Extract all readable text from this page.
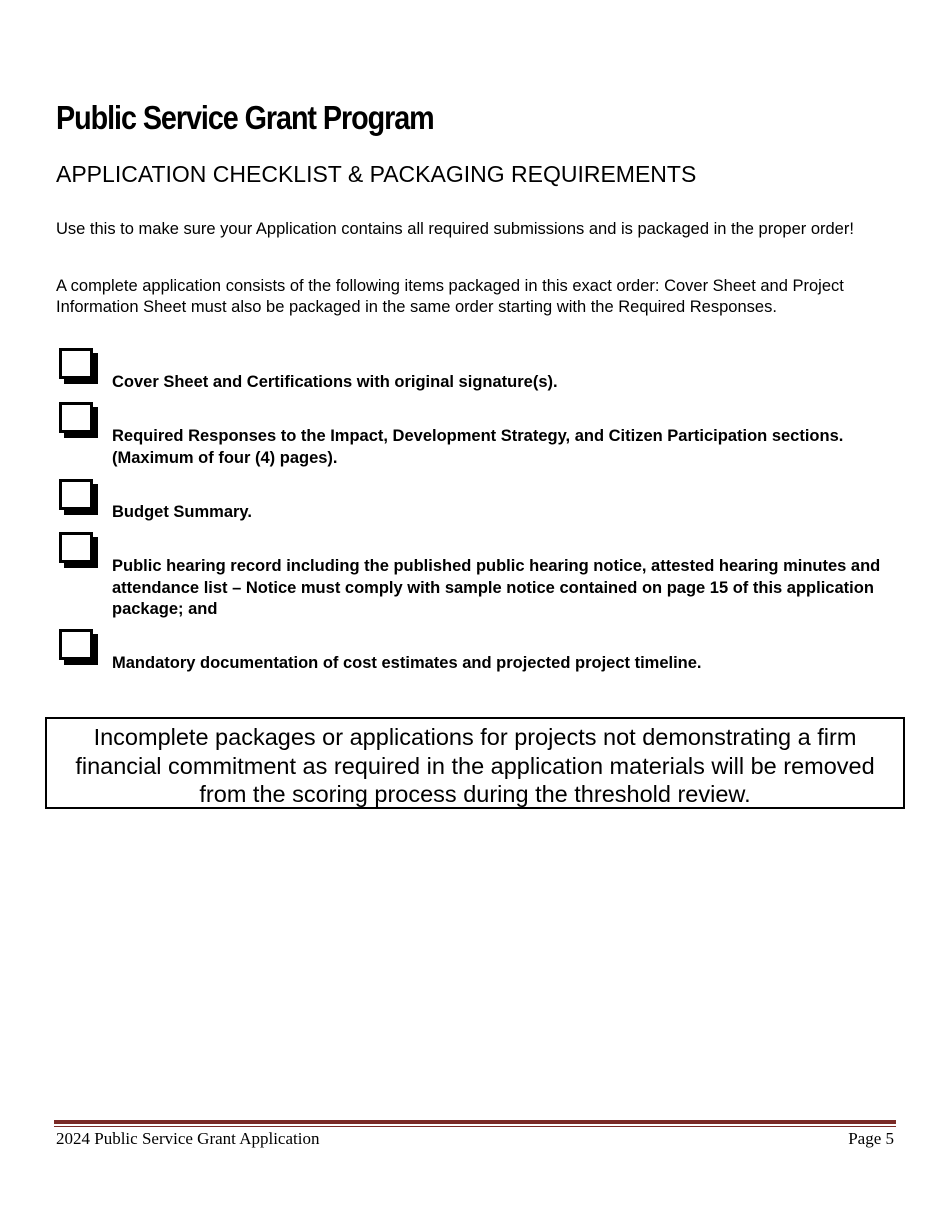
Public Service Grant Program
APPLICATION CHECKLIST & PACKAGING REQUIREMENTS

Use this to make sure your Application contains all required submissions and is packaged in the proper order!

A complete application consists of the following items packaged in this exact order: Cover Sheet and Project Information Sheet must also be packaged in the same order starting with the Required Responses.

Cover Sheet and Certifications with original signature(s).
Required Responses to the Impact, Development Strategy, and Citizen Participation sections. (Maximum of four (4) pages).
Budget Summary.
Public hearing record including the published public hearing notice, attested hearing minutes and attendance list – Notice must comply with sample notice contained on page 15 of this application package; and
Mandatory documentation of cost estimates and projected project timeline.
Incomplete packages or applications for projects not demonstrating a firm financial commitment as required in the application materials will be removed from the scoring process during the threshold review.
2024 Public Service Grant Application	Page 5
